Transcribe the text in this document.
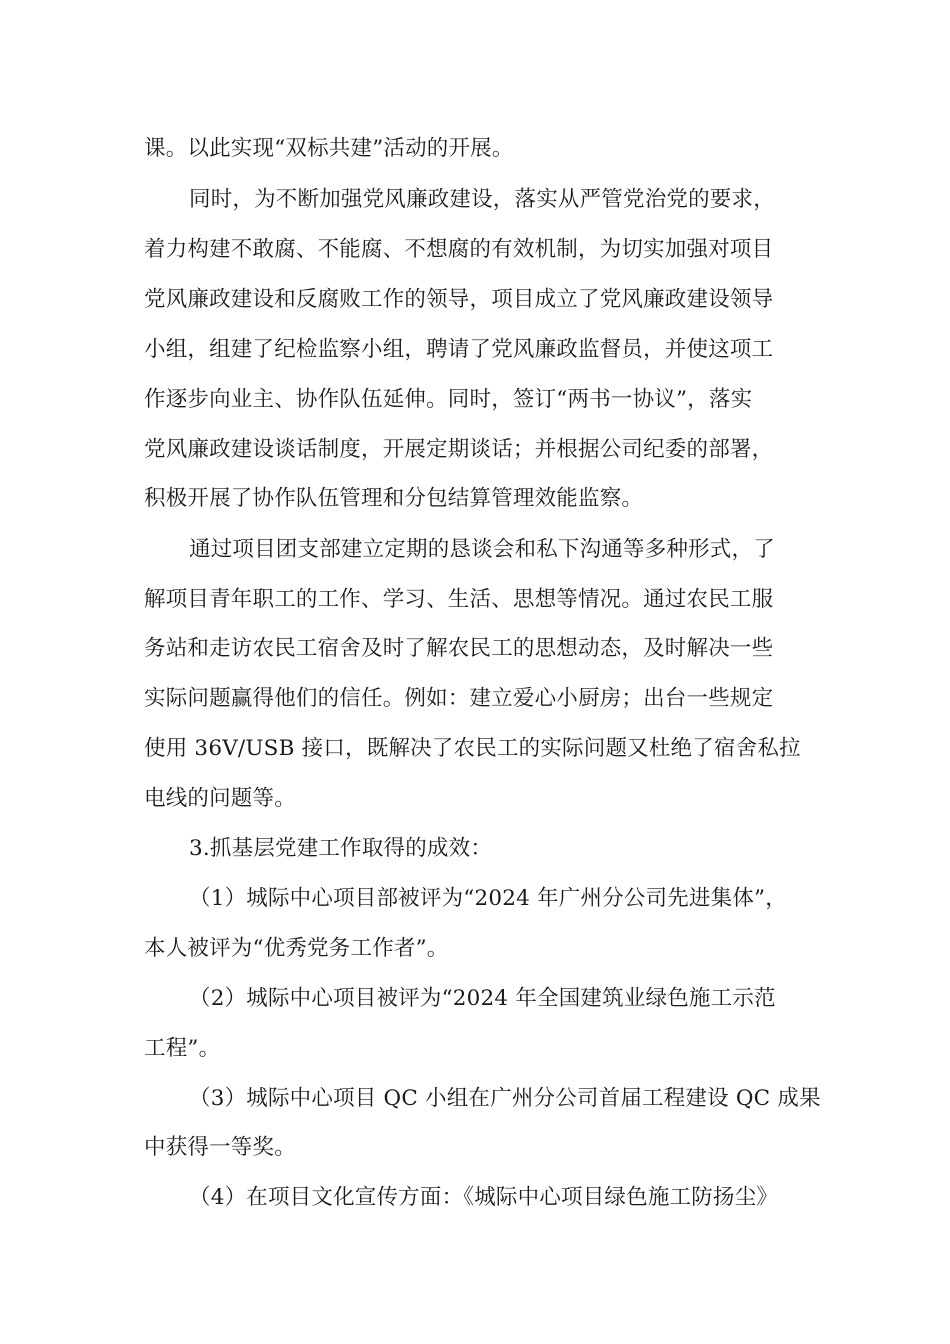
课。以此实现“双标共建”活动的开展。
同时，为不断加强党风廉政建设，落实从严管党治党的要求，
着力构建不敢腐、不能腐、不想腐的有效机制，为切实加强对项目
党风廉政建设和反腐败工作的领导，项目成立了党风廉政建设领导
小组，组建了纪检监察小组，聘请了党风廉政监督员，并使这项工
作逐步向业主、协作队伍延伸。同时，签订“两书一协议”，落实
党风廉政建设谈话制度，开展定期谈话；并根据公司纪委的部署，
积极开展了协作队伍管理和分包结算管理效能监察。
通过项目团支部建立定期的恳谈会和私下沟通等多种形式，了
解项目青年职工的工作、学习、生活、思想等情况。通过农民工服
务站和走访农民工宿舍及时了解农民工的思想动态，及时解决一些
实际问题赢得他们的信任。例如：建立爱心小厨房；出台一些规定
使用 36V/USB 接口，既解决了农民工的实际问题又杜绝了宿舍私拉
电线的问题等。
3.抓基层党建工作取得的成效：
（1）城际中心项目部被评为“2024 年广州分公司先进集体”，
本人被评为“优秀党务工作者”。
（2）城际中心项目被评为“2024 年全国建筑业绿色施工示范
工程”。
（3）城际中心项目 QC 小组在广州分公司首届工程建设 QC 成果
中获得一等奖。
（4）在项目文化宣传方面：《城际中心项目绿色施工防扬尘》
